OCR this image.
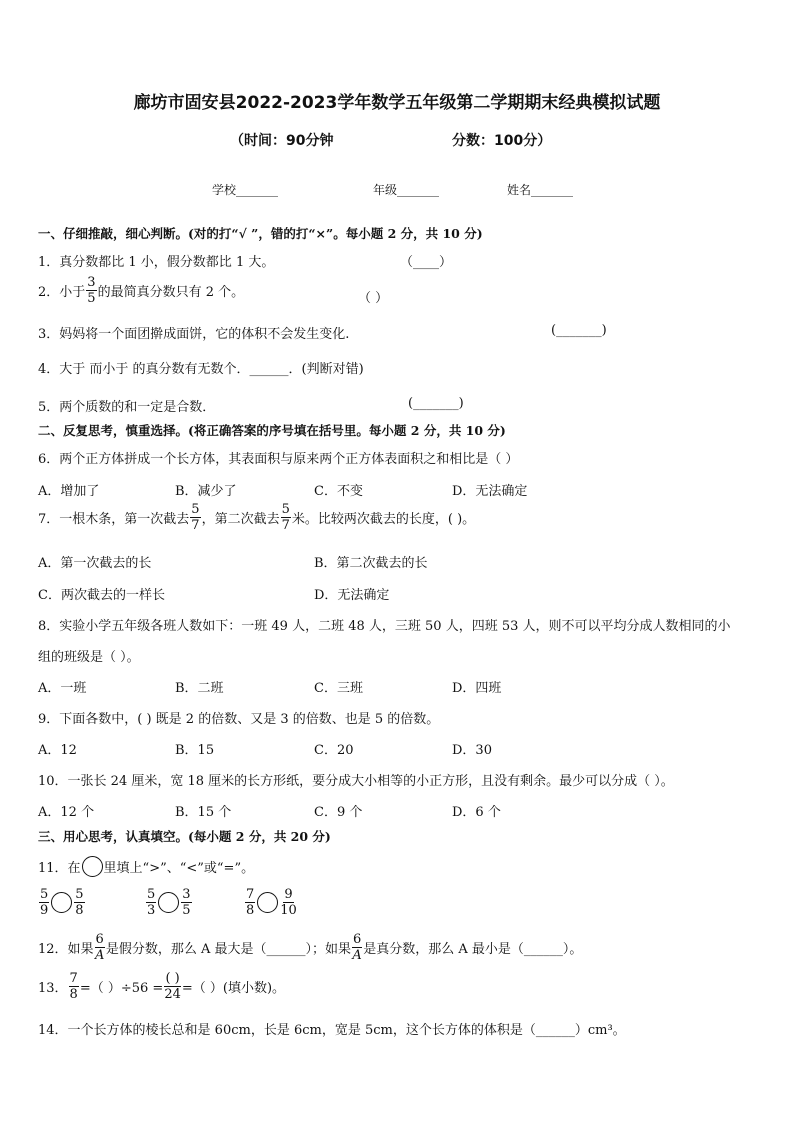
廊坊市固安县2022-2023学年数学五年级第二学期期末经典模拟试题
（时间：90分钟	分数：100分）
学校_______	年级_______	姓名_______
一、仔细推敲，细心判断。(对的打“√ ”，错的打“×”。每小题 2 分，共 10 分)
1．真分数都比 1 小，假分数都比 1 大。	（____）
2．小于 $\frac{3}{5}$ 的最简真分数只有 2 个。	（ ）
3．妈妈将一个面团擀成面饼，它的体积不会发生变化.	(_______)
4．大于 而小于 的真分数有无数个．______．(判断对错)
5．两个质数的和一定是合数．	(_______)
二、反复思考，慎重选择。(将正确答案的序号填在括号里。每小题 2 分，共 10 分)
6．两个正方体拼成一个长方体，其表面积与原来两个正方体表面积之和相比是（ ）
A．增加了	B．减少了	C．不变	D．无法确定
7．一根木条，第一次截去 $\frac{5}{7}$ ，第二次截去 $\frac{5}{7}$ 米。比较两次截去的长度，( )。
A．第一次截去的长	B．第二次截去的长
C．两次截去的一样长	D．无法确定
8．实验小学五年级各班人数如下：一班 49 人，二班 48 人，三班 50 人，四班 53 人，则不可以平均分成人数相同的小
组的班级是（ ）。
A．一班	B．二班	C．三班	D．四班
9．下面各数中，( ) 既是 2 的倍数、又是 3 的倍数、也是 5 的倍数。
A．12	B．15	C．20	D．30
10．一张长 24 厘米，宽 18 厘米的长方形纸，要分成大小相等的小正方形，且没有剩余。最少可以分成（ ）。
A．12 个	B．15 个	C．9 个	D．6 个
三、用心思考，认真填空。(每小题 2 分，共 20 分)
11．在 里填上“>”、“<”或“=”。
$\frac{5}{9} \frac{5}{8}$	$\frac{5}{3} \frac{3}{5}$	$\frac{7}{8} \frac{9}{10}$
12．如果 $\frac{6}{A}$ 是假分数，那么 A 最大是（______）；如果 $\frac{6}{A}$ 是真分数，那么 A 最小是（______）。
13． $\frac{7}{8}$ =（ ）$\div 56 = \frac{( )}{24}$ =（ ）(填小数)。
14．一个长方体的棱长总和是 60cm，长是 6cm，宽是 5cm，这个长方体的体积是（______）cm³。
